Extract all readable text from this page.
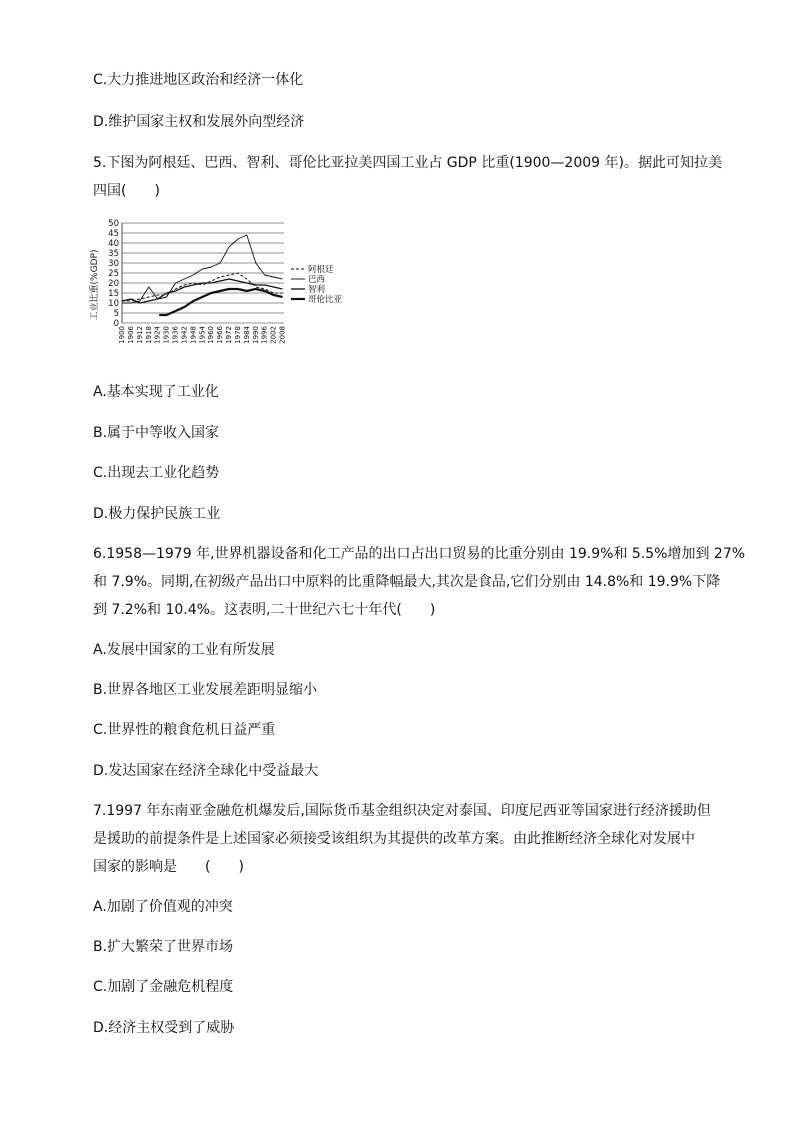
C.大力推进地区政治和经济一体化
D.维护国家主权和发展外向型经济

5.下图为阿根廷、巴西、智利、哥伦比亚拉美四国工业占 GDP 比重(1900—2009 年)。据此可知拉美

四国(　　)

0
5
10
15
20
25
30
35
40
45
50
1900 1906 1912 1918 1924 1930 1936 1942 1948 1954 1960 1966 1972 1978 1984 1990 1996 2002 2008
阿根廷
巴西
智利
哥伦比亚
工业比重(%GDP)
A.基本实现了工业化
B.属于中等收入国家
C.出现去工业化趋势
D.极力保护民族工业

6.1958—1979 年,世界机器设备和化工产品的出口占出口贸易的比重分别由 19.9%和 5.5%增加到 27%

和 7.9%。同期,在初级产品出口中原料的比重降幅最大,其次是食品,它们分别由 14.8%和 19.9%下降

到 7.2%和 10.4%。这表明,二十世纪六七十年代(　　)

A.发展中国家的工业有所发展
B.世界各地区工业发展差距明显缩小
C.世界性的粮食危机日益严重
D.发达国家在经济全球化中受益最大

7.1997 年东南亚金融危机爆发后,国际货币基金组织决定对泰国、印度尼西亚等国家进行经济援助但

是援助的前提条件是上述国家必须接受该组织为其提供的改革方案。由此推断经济全球化对发展中

国家的影响是　　(　　)

A.加剧了价值观的冲突
B.扩大繁荣了世界市场
C.加剧了金融危机程度
D.经济主权受到了威胁
